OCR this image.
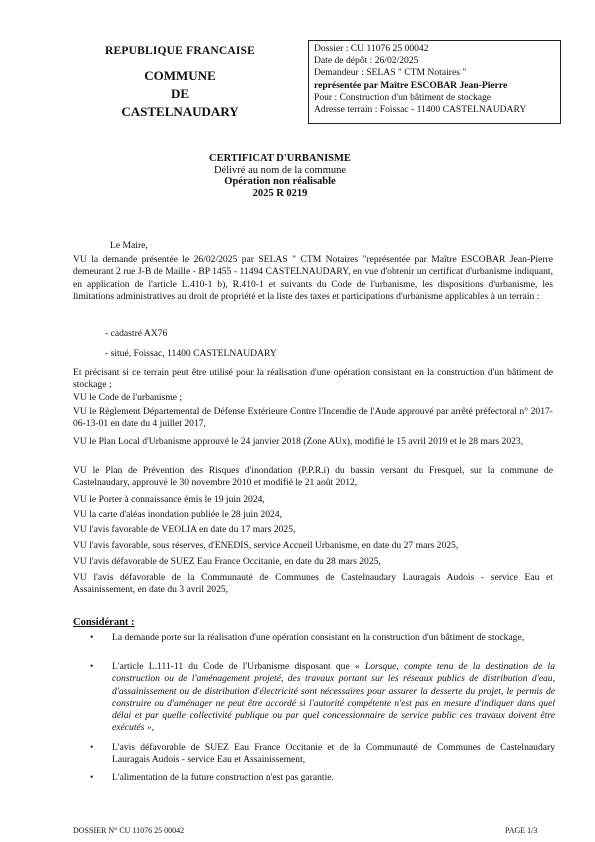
REPUBLIQUE FRANCAISE
COMMUNE
DE
CASTELNAUDARY
Dossier : CU 11076 25 00042
Date de dépôt : 26/02/2025
Demandeur : SELAS " CTM Notaires "
représentée par Maître ESCOBAR Jean-Pierre
Pour : Construction d'un bâtiment de stockage
Adresse terrain : Foissac - 11400 CASTELNAUDARY
CERTIFICAT D'URBANISME
Délivré au nom de la commune
Opération non réalisable
2025 R 0219
Le Maire,
VU la demande présentée le 26/02/2025 par SELAS " CTM Notaires "représentée par Maître ESCOBAR Jean-Pierre demeurant 2 rue J-B de Maille - BP 1455 - 11494 CASTELNAUDARY, en vue d'obtenir un certificat d'urbanisme indiquant, en application de l'article L.410-1 b), R.410-1 et suivants du Code de l'urbanisme, les dispositions d'urbanisme, les limitations administratives au droit de propriété et la liste des taxes et participations d'urbanisme applicables à un terrain :
- cadastré AX76
- situé, Foissac, 11400 CASTELNAUDARY
Et précisant si ce terrain peut être utilisé pour la réalisation d'une opération consistant en la construction d'un bâtiment de stockage ;
VU le Code de l'urbanisme ;
VU le Règlement Départemental de Défense Extérieure Contre l'Incendie de l'Aude approuvé par arrêté préfectoral n° 2017-06-13-01 en date du 4 juillet 2017,
VU le Plan Local d'Urbanisme approuvé le 24 janvier 2018 (Zone AUx), modifié le 15 avril 2019 et le 28 mars 2023,
VU le Plan de Prévention des Risques d'inondation (P.P.R.i) du bassin versant du Fresquel, sur la commune de Castelnaudary, approuvé le 30 novembre 2010 et modifié le 21 août 2012,
VU le Porter à connaissance émis le 19 juin 2024,
VU la carte d'aléas inondation publiée le 28 juin 2024,
VU l'avis favorable de VEOLIA en date du 17 mars 2025,
VU l'avis favorable, sous réserves, d'ENEDIS, service Accueil Urbanisme, en date du 27 mars 2025,
VU l'avis défavorable de SUEZ Eau France Occitanie, en date du 28 mars 2025,
VU l'avis défavorable de la Communauté de Communes de Castelnaudary Lauragais Audois - service Eau et Assainissement, en date du 3 avril 2025,
Considérant :
• La demande porte sur la réalisation d'une opération consistant en la construction d'un bâtiment de stockage,
• L'article L.111-11 du Code de l'Urbanisme disposant que « Lorsque, compte tenu de la destination de la construction ou de l'aménagement projeté, des travaux portant sur les réseaux publics de distribution d'eau, d'assainissement ou de distribution d'électricité sont nécessaires pour assurer la desserte du projet, le permis de construire ou d'aménager ne peut être accordé si l'autorité compétente n'est pas en mesure d'indiquer dans quel délai et par quelle collectivité publique ou par quel concessionnaire de service public ces travaux doivent être exécutés »,
• L'avis défavorable de SUEZ Eau France Occitanie et de la Communauté de Communes de Castelnaudary Lauragais Audois - service Eau et Assainissement,
• L'alimentation de la future construction n'est pas garantie.
DOSSIER N° CU 11076 25 00042	PAGE 1/3
